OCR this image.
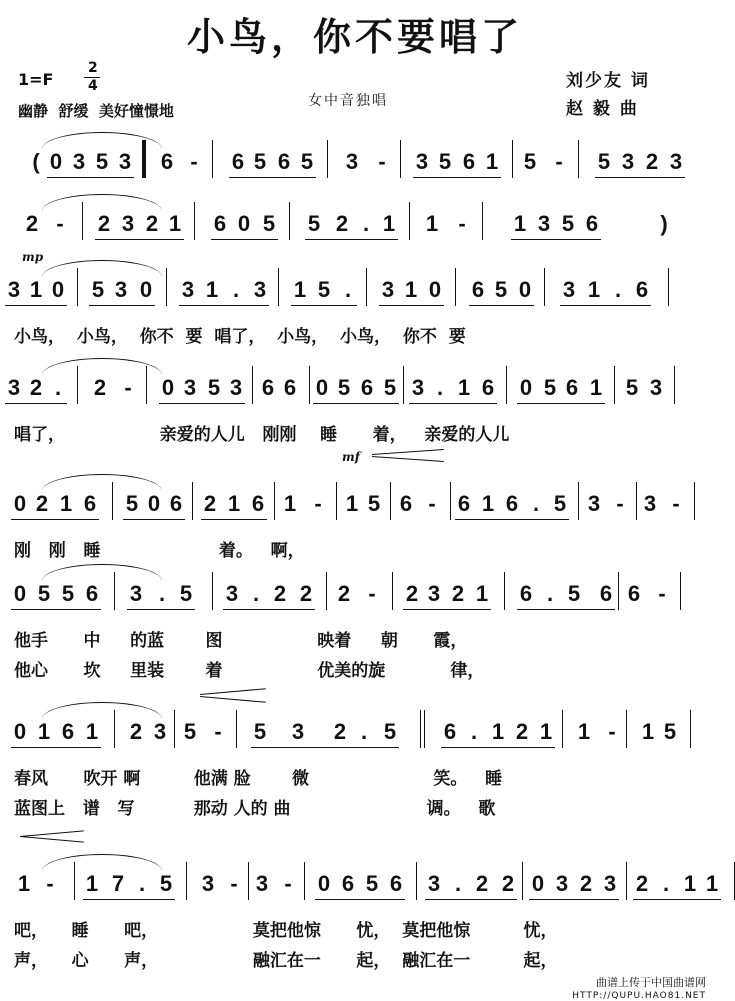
小鸟，你不要唱了
1=F
2
4
幽静  舒缓  美好憧憬地
女中音独唱
刘少友 词
赵 毅 曲
( 0 3 5 3 6 - 6 5 6 5 3 - 3 5 6 1 5 - 5 3 2 3
2 - 2 3 2 1 6 0 5 5 2 . 1 1 - 1 3 5 6	)
3 1 0 5 3 0 3 1 . 3 1 5 . 3 1 0 6 5 0 3 1 . 6
小鸟，  小鸟，  你不  要  唱了，  小鸟，  小鸟，  你不  要
3 2 . 2 - 0 3 5 3 6 6 0 5 6 5 3 . 1 6 0 5 6 1 5 3
唱了，                亲爱的人儿   刚刚    睡      着，   亲爱的人儿
0 2 1 6 5 0 6 2 1 6 1 - 1 5 6 - 6 1 6 . 5 3 - 3 -
刚   刚   睡                    着。   啊，
0 5 5 6 3 . 5 3 . 2 2 2 - 2 3 2 1 6 . 5 6 6 -
他手      中     的蓝       图                映着     朝      霞，
他心      坎     里装       着                优美的旋           律，
0 1 6 1 2 3 5 - 5 3 2 . 5 6 . 1 2 1 1 - 1 5
春风      吹开 啊         他满 脸       微                     笑。   睡
蓝图上   谱   写          那动 人的 曲                       调。   歌
1 - 1 7 . 5 3 - 3 - 0 6 5 6 3 . 2 2 0 3 2 3 2 . 1 1
吧，    睡      吧，                莫把他惊      忧，  莫把他惊         忧，
声，    心      声，                融汇在一      起，  融汇在一         起，
mp
mf
曲谱上传于中国曲谱网
HTTP://QUPU.HAO81.NET
